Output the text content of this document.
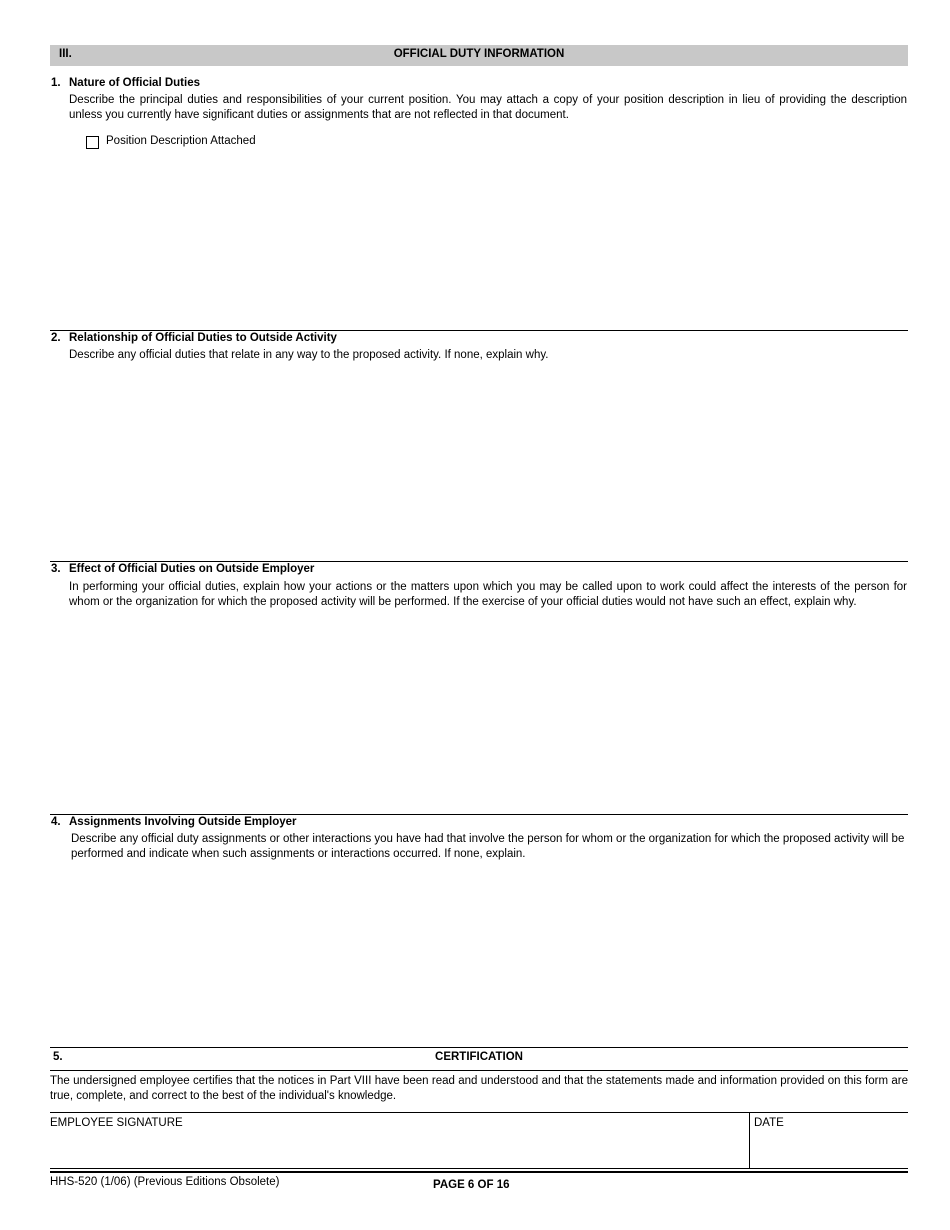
III.	OFFICIAL DUTY INFORMATION
1. Nature of Official Duties
Describe the principal duties and responsibilities of your current position. You may attach a copy of your position description in lieu of providing the description unless you currently have significant duties or assignments that are not reflected in that document.
Position Description Attached
2. Relationship of Official Duties to Outside Activity
Describe any official duties that relate in any way to the proposed activity. If none, explain why.
3. Effect of Official Duties on Outside Employer
In performing your official duties, explain how your actions or the matters upon which you may be called upon to work could affect the interests of the person for whom or the organization for which the proposed activity will be performed. If the exercise of your official duties would not have such an effect, explain why.
4. Assignments Involving Outside Employer
Describe any official duty assignments or other interactions you have had that involve the person for whom or the organization for which the proposed activity will be performed and indicate when such assignments or interactions occurred. If none, explain.
5.	CERTIFICATION
The undersigned employee certifies that the notices in Part VIII have been read and understood and that the statements made and information provided on this form are true, complete, and correct to the best of the individual's knowledge.
EMPLOYEE SIGNATURE	DATE
HHS-520 (1/06) (Previous Editions Obsolete)	PAGE 6 OF 16
